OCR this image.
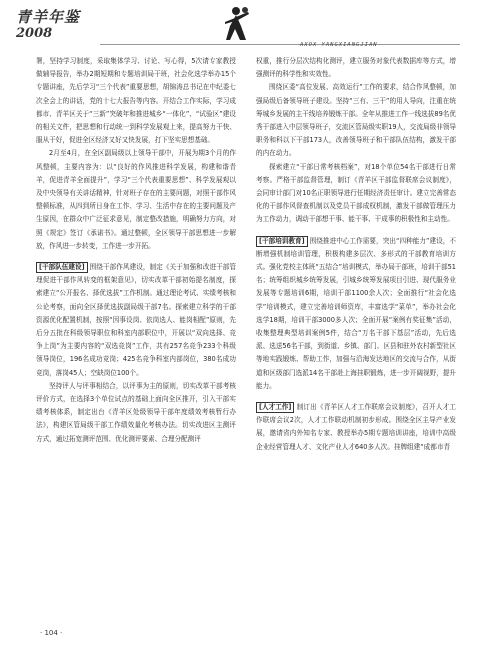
青羊年鉴
2008
AXOX YANGXIANGJIAN

署，坚持学习制度，采取集体学习、讨论、写心得，5次请专家教授做辅导报告，举办2期短期和专题培训局干班，社会化选学举办15个专题讲座，先后学习“三个代表”重要思想，胡锦涛总书记在中纪委七次全会上的讲话，党的十七大报告等内容。开结合工作实际，学习成都市、青羊区关于“三新”突破年和推进城乡“一体化”、“试验区”建设的相关文件，把思想和行动统一到科学发展观上来，提高努力干快、服从干好，促进全区经济又好又快发展，打下坚实思想基础。

2月至4月，在全区副局级以上领导干部中，开展为期3个月的作风整顿，主要内容为：以“良好的作风推进科学发展，构建和谐青羊，促进青羊全面提升”，学习“三个代表重要思想”、科学发展观以及中央领导有关讲话精神，针对班子存在的主要问题，对照干部作风整顿标准，从四到所日身在工作、学习、生活中存在的主要问题及产生原因，在群众中广泛征求意见，制定整改措施，明确努力方向，对照《规定》签订《承诺书》。通过整顿，全区领导干部思想进一步解放，作风进一步转变，工作进一步开拓。

[干部队伍建设] 围绕干部作风建设，制定《关于加强和改进干部管理促进干部作风转变的框架意见》，切实改革干部初始提名制度，探索建立“公开报名、择优选拔”工作机制。通过理论考试、实绩考核和公论考察，面向全区择优选拔副局级干部7名。探索建立科学的干部资源优化配置机制，按照“因事设岗、依岗选人、能岗相配”原则，先后分五批在科级领导职位和科室内部职位中，开展以“双向选择、竞争上岗”为主要内容的“双选竞岗”工作，共有257名竞争233个科级领导岗位，196名成功竞岗；425名竞争科室内部岗位，380名成功竞岗，落岗45人；空缺岗位100个。

坚持评人与评事相结合，以评事为主的原则，切实改革干部考核评价方式，在选择3个单位试点的基础上面向全区推开，引入干部实绩考核体系，制定出台《青羊区处级领导干部年度绩效考核暂行办法》，构建区管局级干部工作绩效量化考核办法。切实改进区主测评方式，通过拓宽测评范围、优化测评要素、合理分配测评

权重，推行分层次结构化测评，建立服务对象代表数据库等方式，增强测评的科学性和实效性。

围绕区委“高位发展、高效运行”工作的要求，结合作风整顿，加强局级后备领导班子建设。坚持“三有、三干”的用人导向，注重在统筹城乡发展的主干线培养锻炼干部。全年从推进工作一线选拔89名优秀干部进入中层领导班子，交流区管局级实职19人，交流局级非领导职务和科以下干部173人，改善领导班子和干部队伍结构，激发干部的内在动力。

探索建立“干部日常考核档案”，对18个单位54名干部进行日常考察。严格干部监督管理，制订《青羊区干部监督联席会议制度》，会同审计部门对10名正职领导进行任期经济责任审计。建立完善常态化的干部作风督查机制以及党员干部成权机制，激发干部做管理压力为工作动力，调动干部想干事、能干事、干成事的积极性和主动性。

[干部培训教育] 围绕推进中心工作需要，突出“四种能力”建设，不断增强机制培训管理，积极构建多层次、多形式的干部教育培训方式。强化党校主体班“五结合”培训模式，举办局干部班，培训干部51名；统筹组织城乡统筹发展，引城乡统筹发展项目引进、现代服务业发展等专题培训6期，培训干部1100余人次；全面推行“社会化选学”培训模式，建立完善培训师资库，丰富选学“菜单”，举办社会化选学18期，培训干部3000多人次；全面开展“案例有奖征集”活动，收集整理典型培训案例5件，结合“万名干部下基层”活动，先后选派、选送56名干部，到街道、乡镇、部门、区县和驻外农村新型社区等地实践锻炼、帮助工作，加强与沿海发达地区的交流与合作，从街道和区级部门选派14名干部赴上海挂职锻炼，进一步开阔视野，提升能力。

[人才工作] 制订出《青羊区人才工作联席会议制度》，召开人才工作联席会议2次，人才工作联动机制初步形成。围绕全区主导产业发展，邀请省内外知名专家、教授举办5期专题培训讲座，培训中高级企业经营管理人才、文化产业人才640多人次。挂牌组建“成都市青

· 104 ·
